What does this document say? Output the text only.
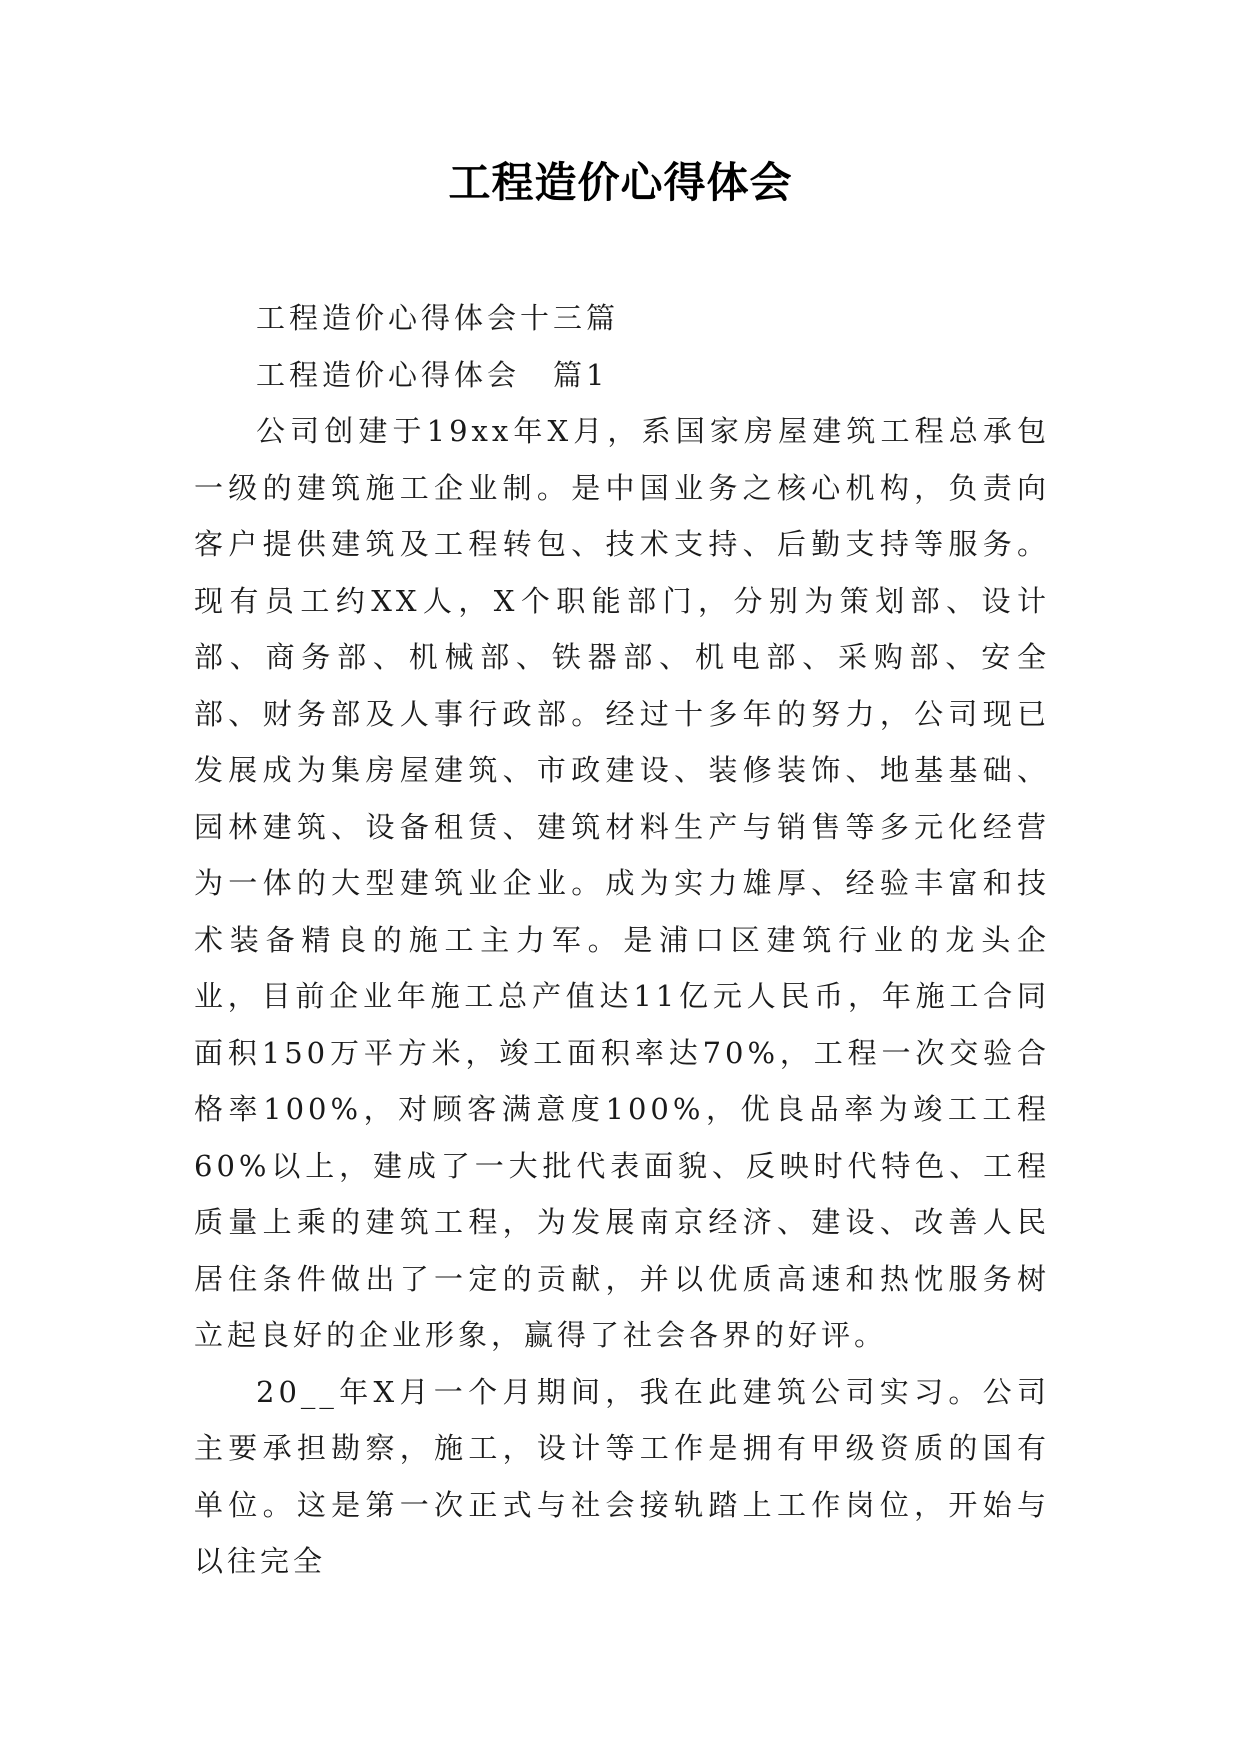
工程造价心得体会

工程造价心得体会十三篇

工程造价心得体会　篇1

公司创建于19xx年X月，系国家房屋建筑工程总承包一级的建筑施工企业制。是中国业务之核心机构，负责向客户提供建筑及工程转包、技术支持、后勤支持等服务。现有员工约XX人，X个职能部门，分别为策划部、设计部、商务部、机械部、铁器部、机电部、采购部、安全部、财务部及人事行政部。经过十多年的努力，公司现已发展成为集房屋建筑、市政建设、装修装饰、地基基础、园林建筑、设备租赁、建筑材料生产与销售等多元化经营为一体的大型建筑业企业。成为实力雄厚、经验丰富和技术装备精良的施工主力军。是浦口区建筑行业的龙头企业，目前企业年施工总产值达11亿元人民币，年施工合同面积150万平方米，竣工面积率达70%，工程一次交验合格率100%，对顾客满意度100%，优良品率为竣工工程60%以上，建成了一大批代表面貌、反映时代特色、工程质量上乘的建筑工程，为发展南京经济、建设、改善人民居住条件做出了一定的贡献，并以优质高速和热忱服务树立起良好的企业形象，赢得了社会各界的好评。

20__年X月一个月期间，我在此建筑公司实习。公司主要承担勘察，施工，设计等工作是拥有甲级资质的国有单位。这是第一次正式与社会接轨踏上工作岗位，开始与以往完全
